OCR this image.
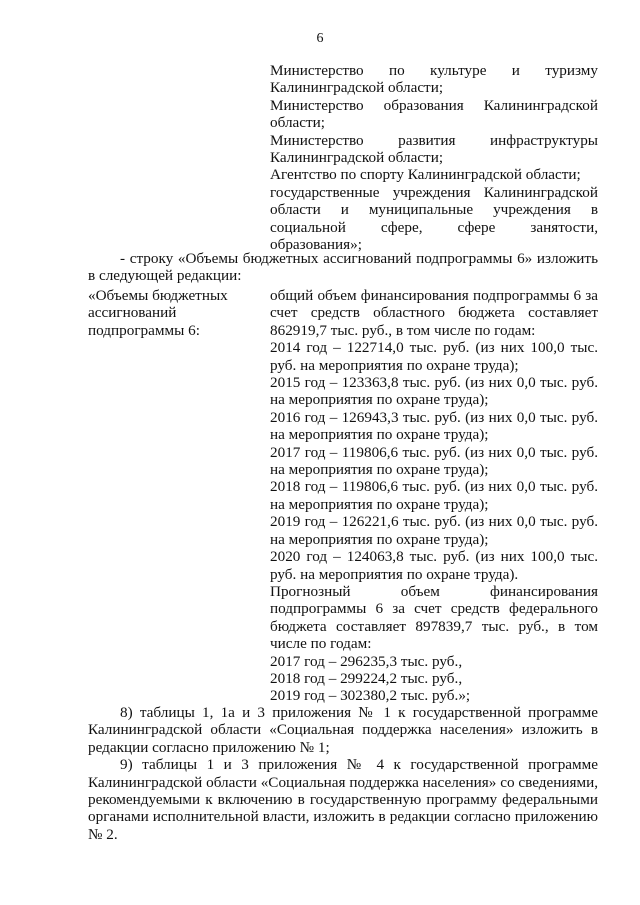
6

Министерство по культуре и туризму Калининградской области;

Министерство образования Калининградской области;

Министерство развития инфраструктуры Калининградской области;

Агентство по спорту Калининградской области;

государственные учреждения Калининградской области и муниципальные учреждения в социальной сфере, сфере занятости, образования»;

- строку «Объемы бюджетных ассигнований подпрограммы 6» изложить в следующей редакции:

«Объемы бюджетных ассигнований подпрограммы 6:

общий объем финансирования подпрограммы 6 за счет средств областного бюджета составляет 862919,7 тыс. руб., в том числе по годам:

2014 год – 122714,0 тыс. руб. (из них 100,0 тыс. руб. на мероприятия по охране труда);

2015 год – 123363,8 тыс. руб. (из них 0,0 тыс. руб. на мероприятия по охране труда);

2016 год – 126943,3 тыс. руб. (из них 0,0 тыс. руб. на мероприятия по охране труда);

2017 год – 119806,6 тыс. руб. (из них 0,0 тыс. руб. на мероприятия по охране труда);

2018 год – 119806,6 тыс. руб. (из них 0,0 тыс. руб. на мероприятия по охране труда);

2019 год – 126221,6 тыс. руб. (из них 0,0 тыс. руб. на мероприятия по охране труда);

2020 год – 124063,8 тыс. руб. (из них 100,0 тыс. руб. на мероприятия по охране труда).

Прогнозный объем финансирования подпрограммы 6 за счет средств федерального бюджета составляет 897839,7 тыс. руб., в том числе по годам:

2017 год – 296235,3 тыс. руб.,

2018 год – 299224,2 тыс. руб.,

2019 год – 302380,2 тыс. руб.»;

8) таблицы 1, 1а и 3 приложения № 1 к государственной программе Калининградской области «Социальная поддержка населения» изложить в редакции согласно приложению № 1;

9) таблицы 1 и 3 приложения № 4 к государственной программе Калининградской области «Социальная поддержка населения» со сведениями, рекомендуемыми к включению в государственную программу федеральными органами исполнительной власти, изложить в редакции согласно приложению № 2.
